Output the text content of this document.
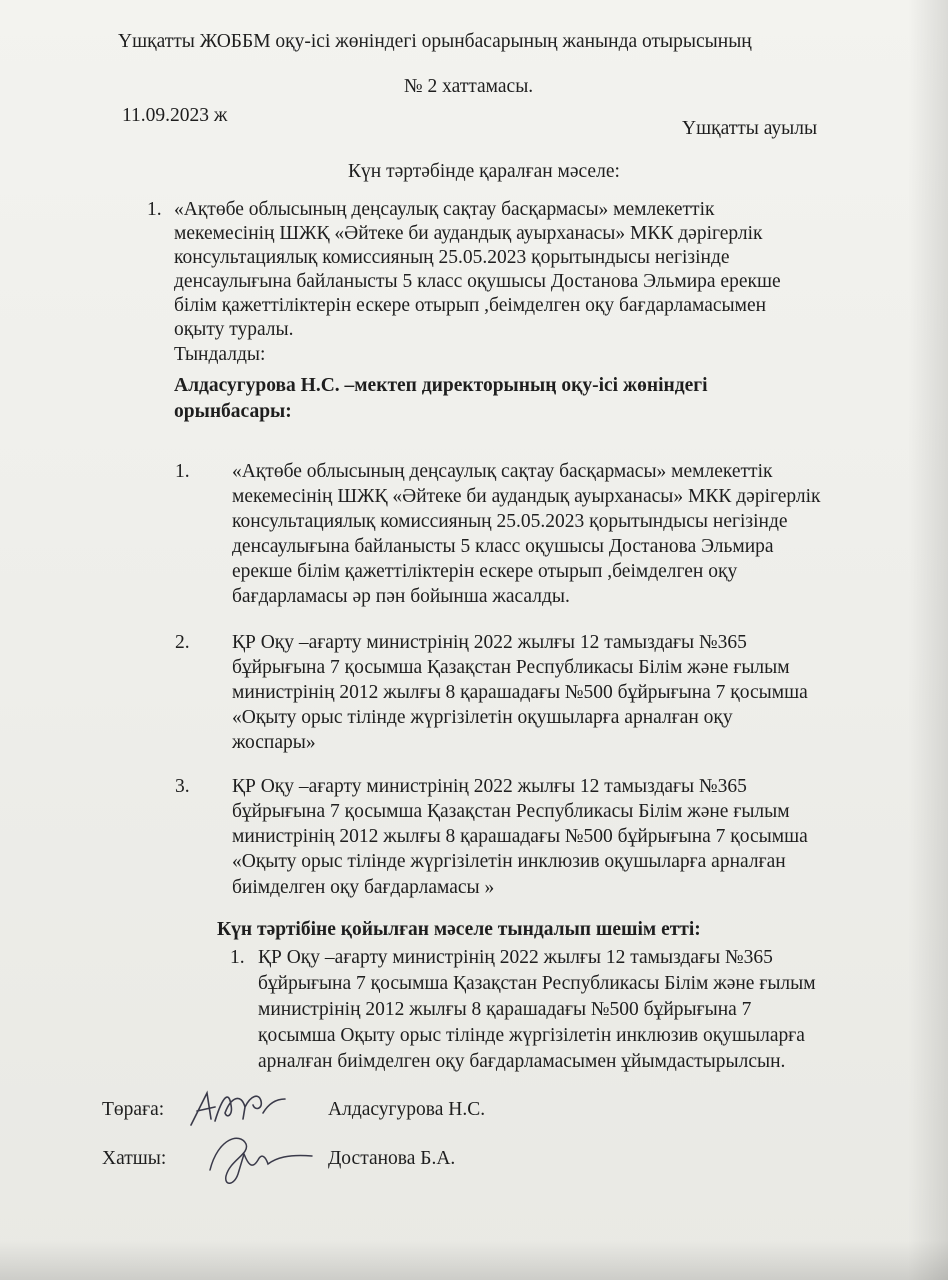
Үшқатты ЖОББМ оқу-ісі жөніндегі орынбасарының жанында отырысының
№ 2 хаттамасы.
11.09.2023 ж
Үшқатты ауылы
Күн тәртәбінде қаралған мәселе:
1. «Ақтөбе облысының деңсаулық сақтау басқармасы» мемлекеттік
мекемесінің ШЖҚ «Әйтеке би аудандық ауырханасы» МКК дәрігерлік
консультациялық комиссияның 25.05.2023 қорытындысы негізінде
денсаулығына байланысты 5 класс оқушысы Достанова Эльмира ерекше
білім қажеттіліктерін ескере отырып ,беімделген оқу бағдарламасымен
оқыту туралы.
Тындалды:
Алдасугурова Н.С. –мектеп директорының оқу-ісі жөніндегі
орынбасары:
1. «Ақтөбе облысының деңсаулық сақтау басқармасы» мемлекеттік
мекемесінің ШЖҚ «Әйтеке би аудандық ауырханасы» МКК дәрігерлік
консультациялық комиссияның 25.05.2023 қорытындысы негізінде
денсаулығына байланысты 5 класс оқушысы Достанова Эльмира
ерекше білім қажеттіліктерін ескере отырып ,беімделген оқу
бағдарламасы әр пән бойынша жасалды.
2. ҚР Оқу –ағарту министрінің 2022 жылғы 12 тамыздағы №365
бұйрығына 7 қосымша Қазақстан Республикасы Білім және ғылым
министрінің 2012 жылғы 8 қарашадағы №500 бұйрығына 7 қосымша
«Оқыту орыс тілінде жүргізілетін оқушыларға арналған оқу
жоспары»
3. ҚР Оқу –ағарту министрінің 2022 жылғы 12 тамыздағы №365
бұйрығына 7 қосымша Қазақстан Республикасы Білім және ғылым
министрінің 2012 жылғы 8 қарашадағы №500 бұйрығына 7 қосымша
«Оқыту орыс тілінде жүргізілетін инклюзив оқушыларға арналған
биімделген оқу бағдарламасы »
Күн тәртібіне қойылған мәселе тындалып шешім етті:
1. ҚР Оқу –ағарту министрінің 2022 жылғы 12 тамыздағы №365
бұйрығына 7 қосымша Қазақстан Республикасы Білім және ғылым
министрінің 2012 жылғы 8 қарашадағы №500 бұйрығына 7
қосымша Оқыту орыс тілінде жүргізілетін инклюзив оқушыларға
арналған биімделген оқу бағдарламасымен ұйымдастырылсын.
Төраға:	Алдасугурова Н.С.
Хатшы:	Достанова Б.А.
